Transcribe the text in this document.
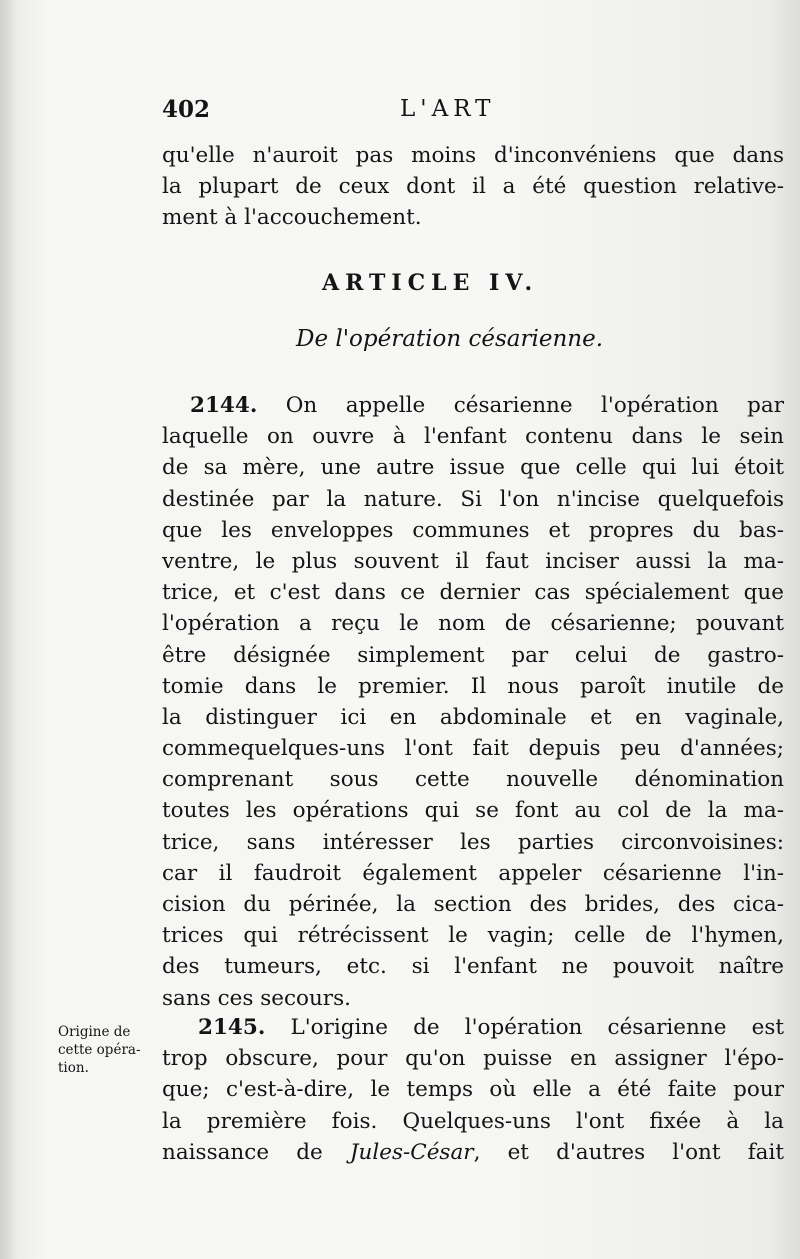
402	L'ART
qu'elle n'auroit pas moins d'inconvéniens que dans
la plupart de ceux dont il a été question relative-
ment à l'accouchement.
ARTICLE IV.
De l'opération césarienne.
2144. On appelle césarienne l'opération par
laquelle on ouvre à l'enfant contenu dans le sein
de sa mère, une autre issue que celle qui lui étoit
destinée par la nature. Si l'on n'incise quelquefois
que les enveloppes communes et propres du bas-
ventre, le plus souvent il faut inciser aussi la ma-
trice, et c'est dans ce dernier cas spécialement que
l'opération a reçu le nom de césarienne; pouvant
être désignée simplement par celui de gastro-
tomie dans le premier. Il nous paroît inutile de
la distinguer ici en abdominale et en vaginale,
commequelques-uns l'ont fait depuis peu d'années;
comprenant sous cette nouvelle dénomination
toutes les opérations qui se font au col de la ma-
trice, sans intéresser les parties circonvoisines:
car il faudroit également appeler césarienne l'in-
cision du périnée, la section des brides, des cica-
trices qui rétrécissent le vagin; celle de l'hymen,
des tumeurs, etc. si l'enfant ne pouvoit naître
sans ces secours.
Origine de
cette opéra-
tion.
2145. L'origine de l'opération césarienne est
trop obscure, pour qu'on puisse en assigner l'épo-
que; c'est-à-dire, le temps où elle a été faite pour
la première fois. Quelques-uns l'ont fixée à la
naissance de Jules-César, et d'autres l'ont fait
